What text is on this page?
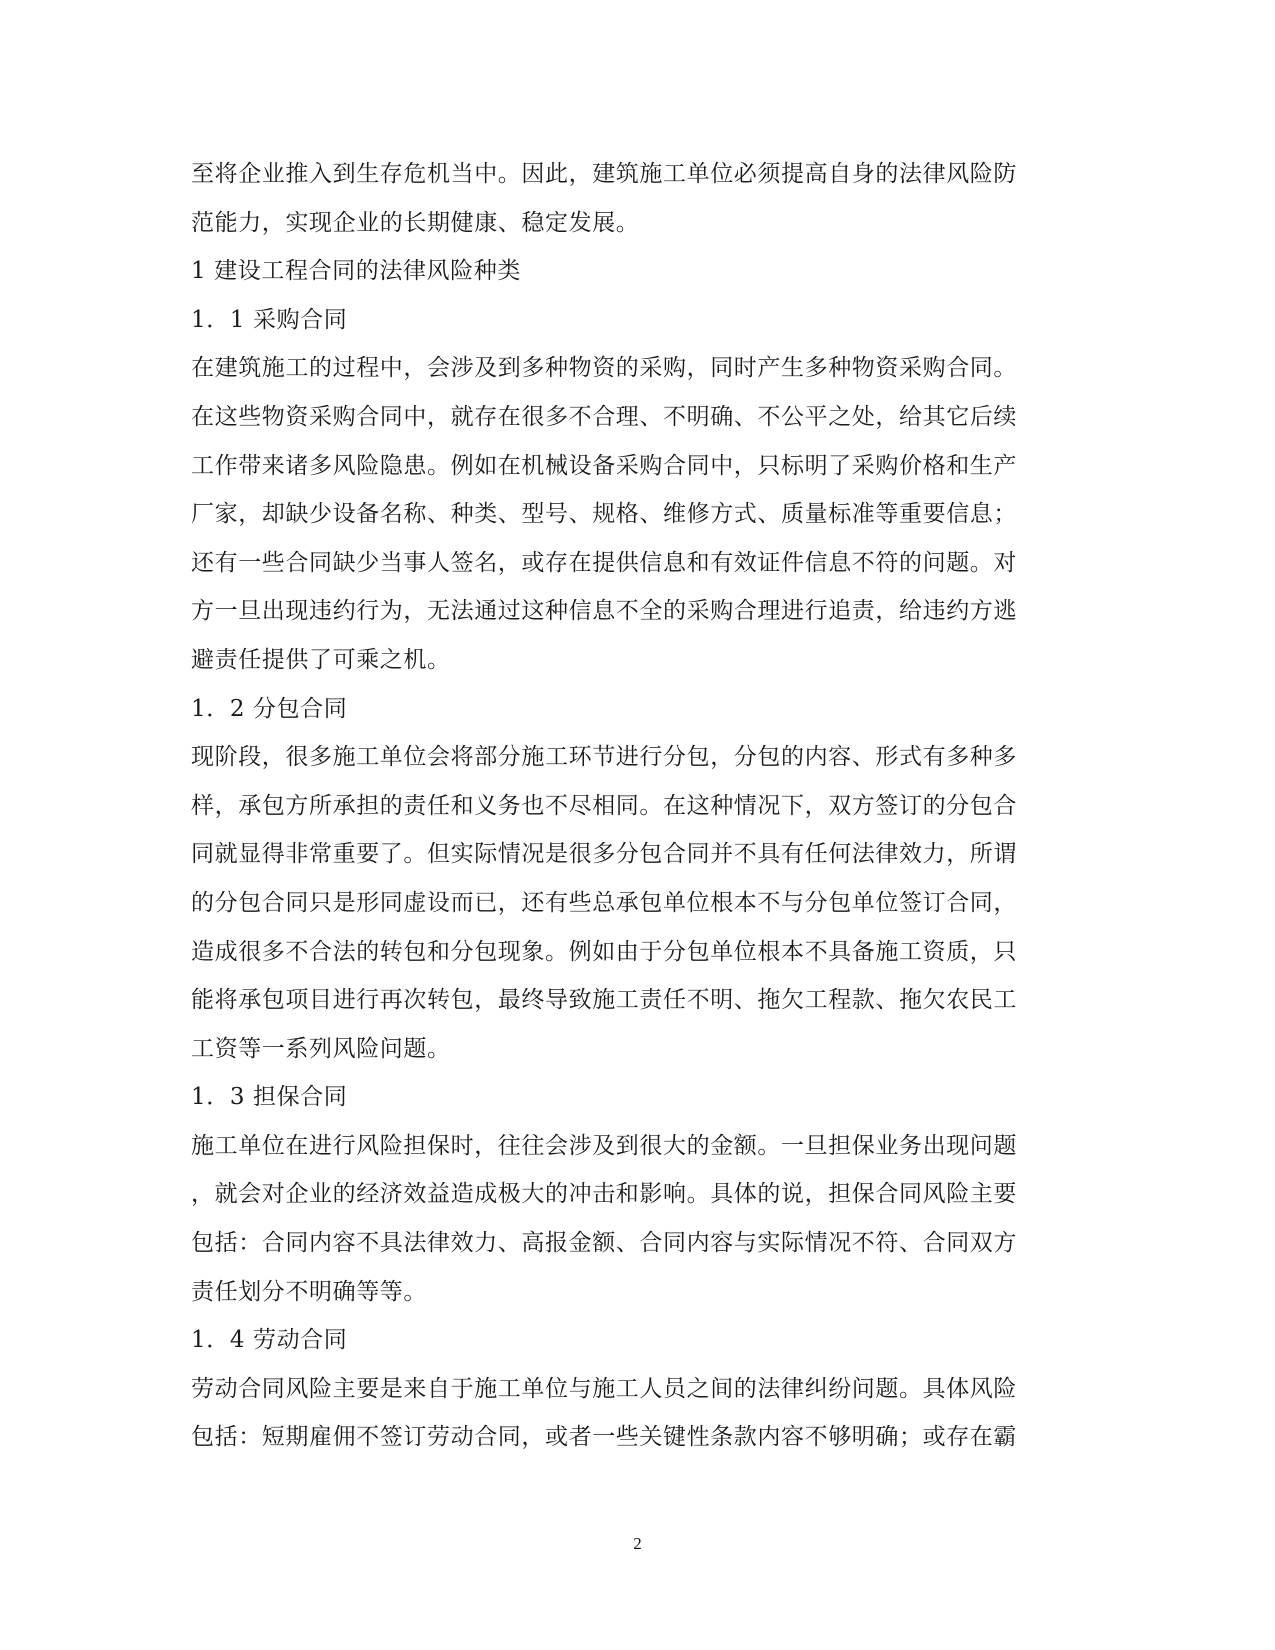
至将企业推入到生存危机当中。因此，建筑施工单位必须提高自身的法律风险防
范能力，实现企业的长期健康、稳定发展。
1 建设工程合同的法律风险种类
1．1 采购合同
在建筑施工的过程中，会涉及到多种物资的采购，同时产生多种物资采购合同。
在这些物资采购合同中，就存在很多不合理、不明确、不公平之处，给其它后续
工作带来诸多风险隐患。例如在机械设备采购合同中，只标明了采购价格和生产
厂家，却缺少设备名称、种类、型号、规格、维修方式、质量标准等重要信息；
还有一些合同缺少当事人签名，或存在提供信息和有效证件信息不符的问题。对
方一旦出现违约行为，无法通过这种信息不全的采购合理进行追责，给违约方逃
避责任提供了可乘之机。
1．2 分包合同
现阶段，很多施工单位会将部分施工环节进行分包，分包的内容、形式有多种多
样，承包方所承担的责任和义务也不尽相同。在这种情况下，双方签订的分包合
同就显得非常重要了。但实际情况是很多分包合同并不具有任何法律效力，所谓
的分包合同只是形同虚设而已，还有些总承包单位根本不与分包单位签订合同，
造成很多不合法的转包和分包现象。例如由于分包单位根本不具备施工资质，只
能将承包项目进行再次转包，最终导致施工责任不明、拖欠工程款、拖欠农民工
工资等一系列风险问题。
1．3 担保合同
施工单位在进行风险担保时，往往会涉及到很大的金额。一旦担保业务出现问题
，就会对企业的经济效益造成极大的冲击和影响。具体的说，担保合同风险主要
包括：合同内容不具法律效力、高报金额、合同内容与实际情况不符、合同双方
责任划分不明确等等。
1．4 劳动合同
劳动合同风险主要是来自于施工单位与施工人员之间的法律纠纷问题。具体风险
包括：短期雇佣不签订劳动合同，或者一些关键性条款内容不够明确；或存在霸
2
